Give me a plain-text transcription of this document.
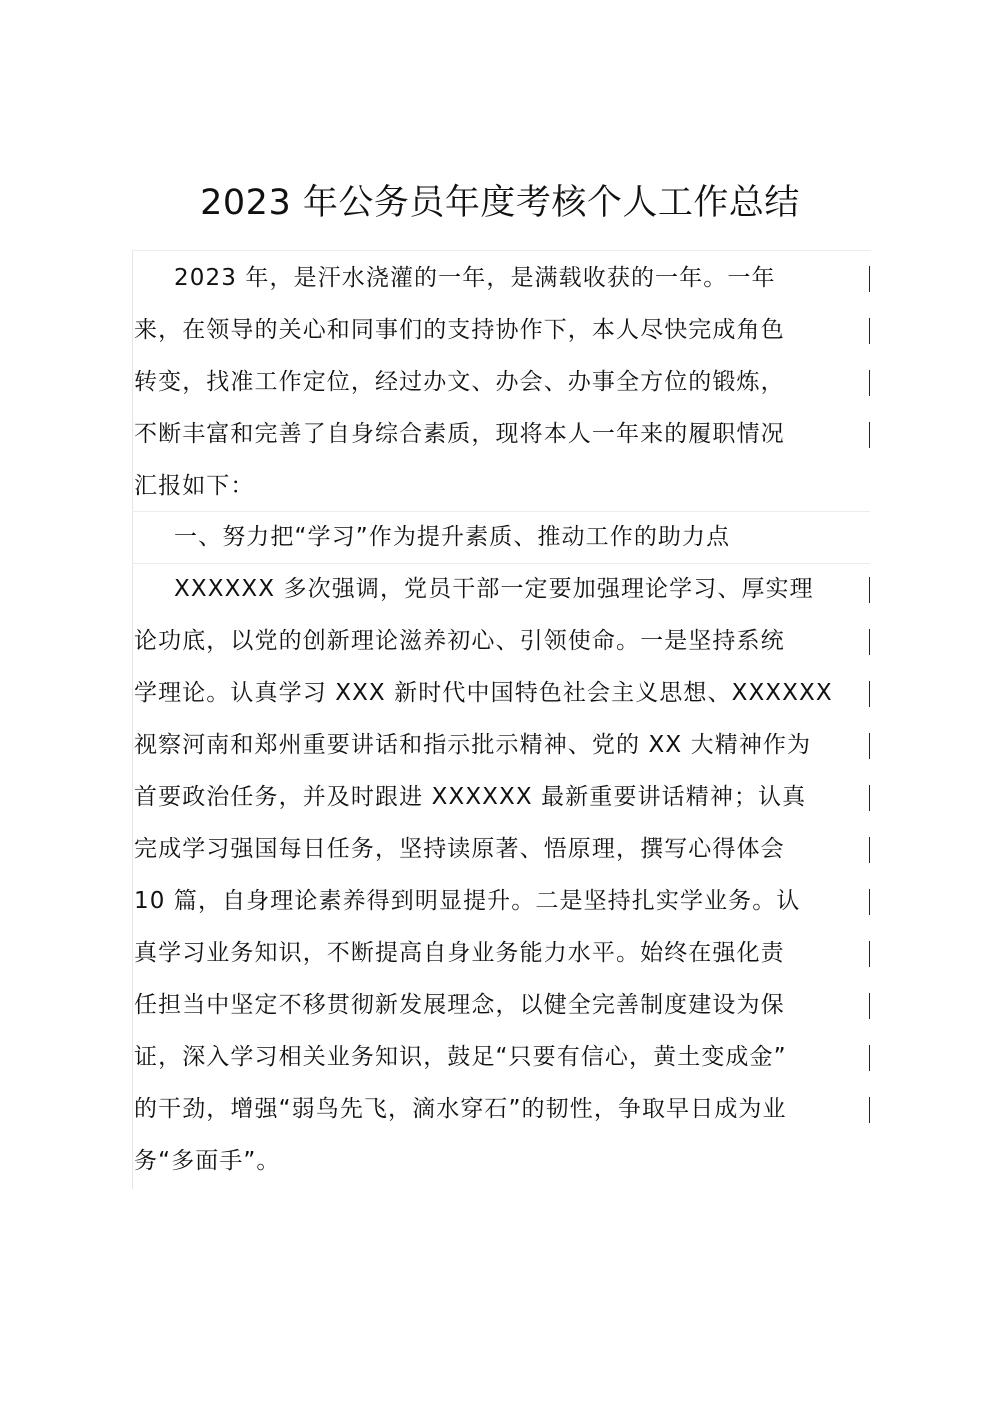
2023 年公务员年度考核个人工作总结
2023 年，是汗水浇灌的一年，是满载收获的一年。一年
来，在领导的关心和同事们的支持协作下，本人尽快完成角色
转变，找准工作定位，经过办文、办会、办事全方位的锻炼，
不断丰富和完善了自身综合素质，现将本人一年来的履职情况
汇报如下：
一、努力把“学习”作为提升素质、推动工作的助力点
XXXXXX 多次强调，党员干部一定要加强理论学习、厚实理
论功底，以党的创新理论滋养初心、引领使命。一是坚持系统
学理论。认真学习 XXX 新时代中国特色社会主义思想、XXXXXX
视察河南和郑州重要讲话和指示批示精神、党的 XX 大精神作为
首要政治任务，并及时跟进 XXXXXX 最新重要讲话精神；认真
完成学习强国每日任务，坚持读原著、悟原理，撰写心得体会
10 篇，自身理论素养得到明显提升。二是坚持扎实学业务。认
真学习业务知识，不断提高自身业务能力水平。始终在强化责
任担当中坚定不移贯彻新发展理念，以健全完善制度建设为保
证，深入学习相关业务知识，鼓足“只要有信心，黄土变成金”
的干劲，增强“弱鸟先飞，滴水穿石”的韧性，争取早日成为业
务“多面手”。
